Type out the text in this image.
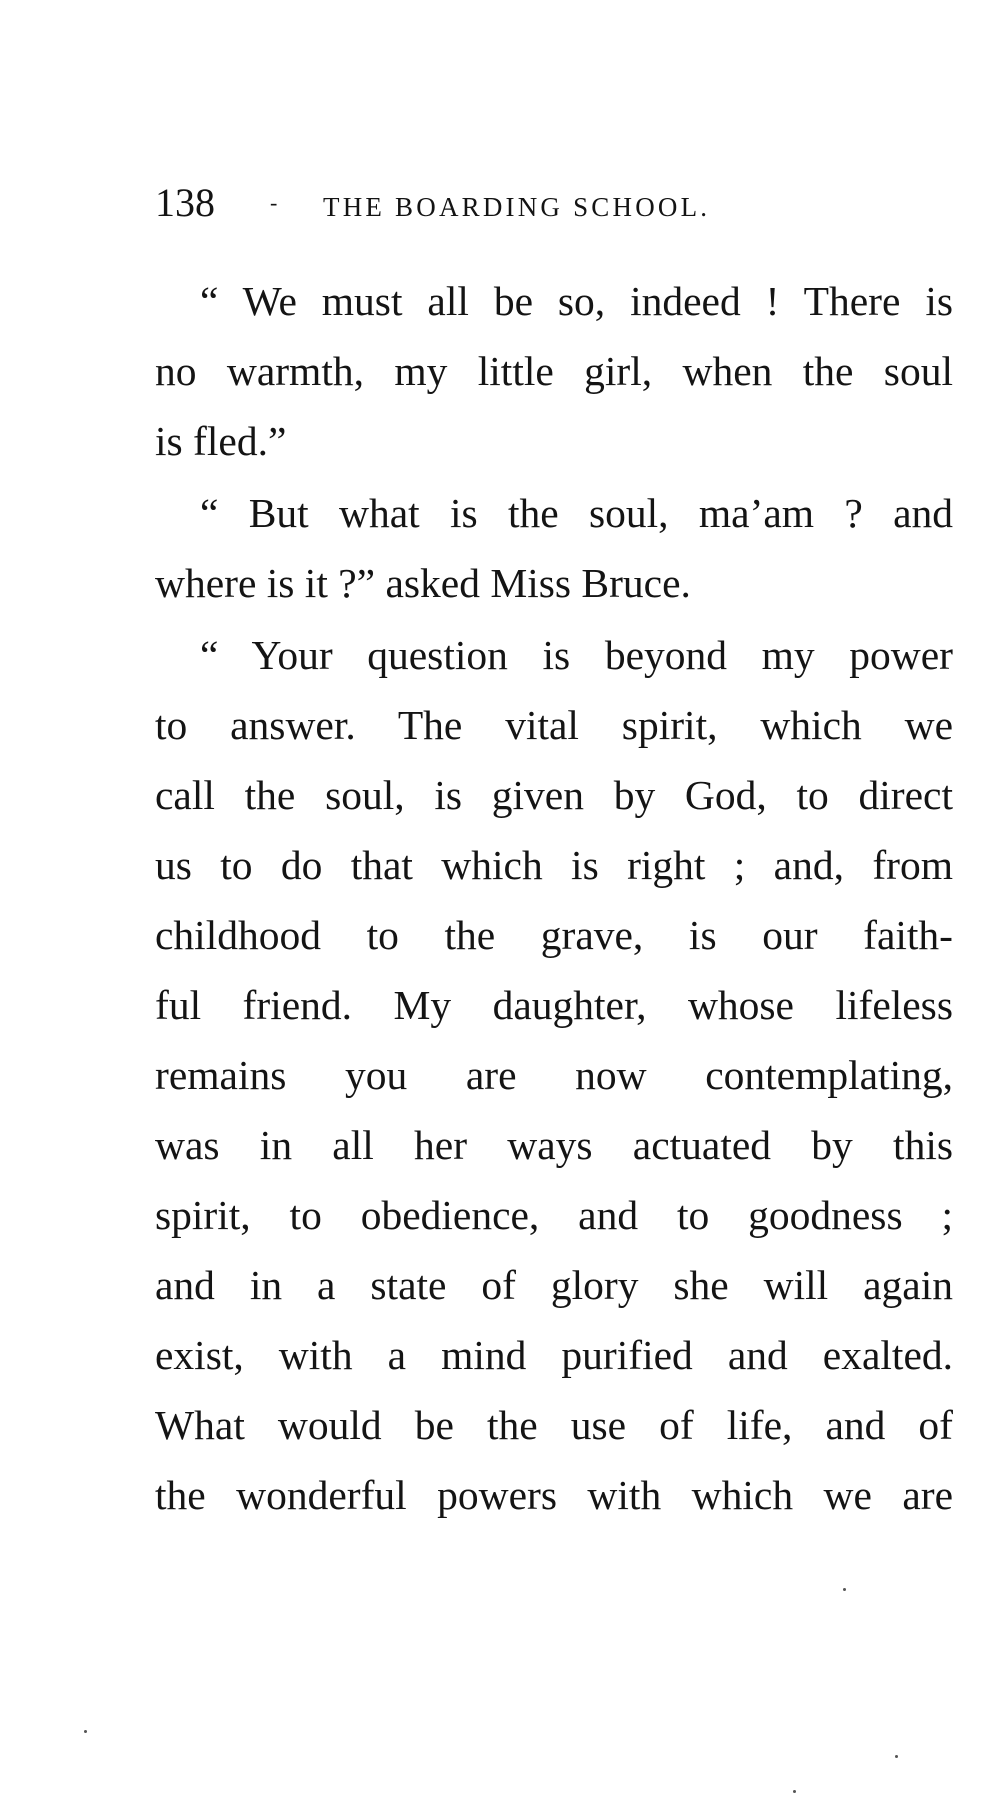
138	- THE BOARDING SCHOOL.
“ We must all be so, indeed ! There is
no warmth, my little girl, when the soul
is fled.”
“ But what is the soul, ma’am ? and
where is it ?” asked Miss Bruce.
“ Your question is beyond my power
to answer. The vital spirit, which we
call the soul, is given by God, to direct
us to do that which is right ; and, from
childhood to the grave, is our faith-
ful friend. My daughter, whose lifeless
remains you are now contemplating,
was in all her ways actuated by this
spirit, to obedience, and to goodness ;
and in a state of glory she will again
exist, with a mind purified and exalted.
What would be the use of life, and of
the wonderful powers with which we are
